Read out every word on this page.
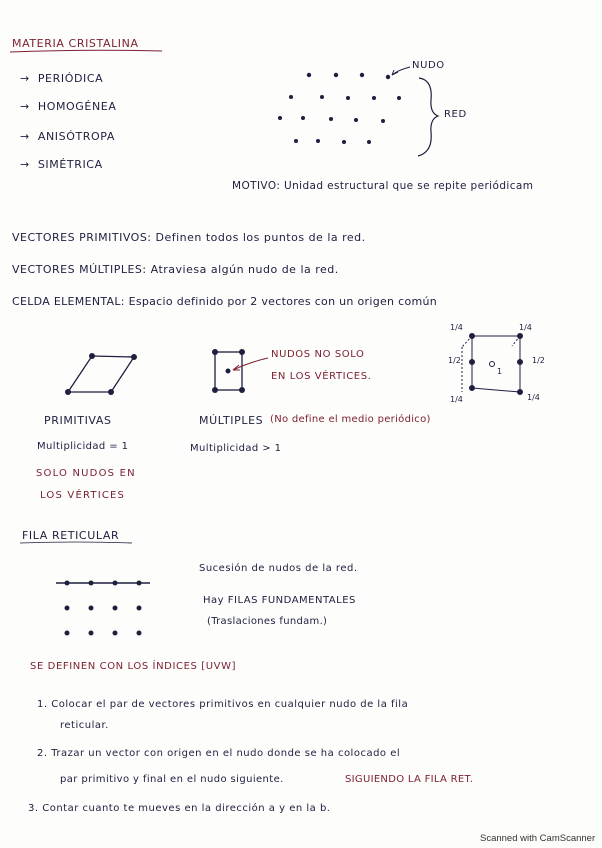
MATERIA CRISTALINA
→ PERIÓDICA
→ HOMOGÉNEA
→ ANISÓTROPA
→ SIMÉTRICA
NUDO
RED
MOTIVO: Unidad estructural que se repite periódicam
VECTORES PRIMITIVOS: Definen todos los puntos de la red.
VECTORES MÚLTIPLES: Atraviesa algún nudo de la red.
CELDA ELEMENTAL: Espacio definido por 2 vectores con un origen común
NUDOS NO SOLO
EN LOS VÉRTICES.
1/4	1/4
1/2	1/2
1/4	1/4
1
PRIMITIVAS	MÚLTIPLES (No define el medio periódico)
Multiplicidad = 1	Multiplicidad > 1
SOLO NUDOS EN
LOS VÉRTICES
FILA RETICULAR
Sucesión de nudos de la red.
Hay FILAS FUNDAMENTALES
(Traslaciones fundam.)
SE DEFINEN CON LOS ÍNDICES [UVW]
1. Colocar el par de vectores primitivos en cualquier nudo de la fila
reticular.
2. Trazar un vector con origen en el nudo donde se ha colocado el
par primitivo y final en el nudo siguiente.	SIGUIENDO LA FILA RET.
3. Contar cuanto te mueves en la dirección a y en la b.
Scanned with CamScanner
